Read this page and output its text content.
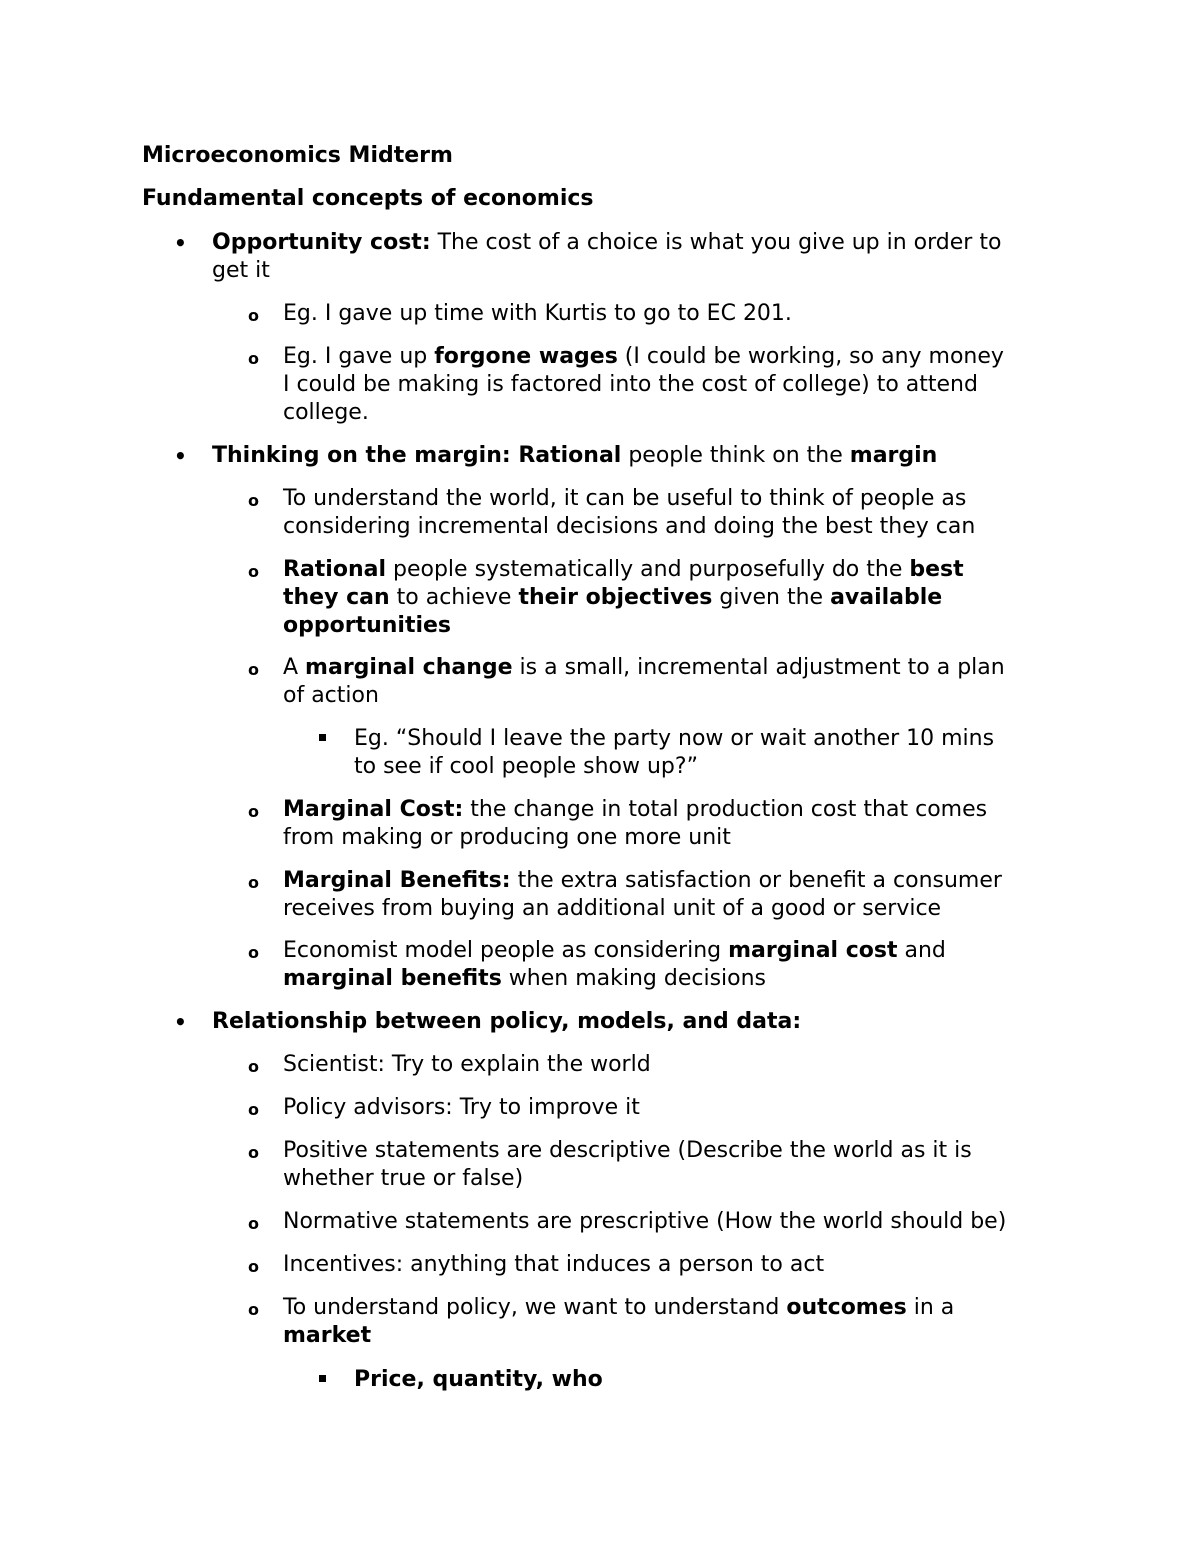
Microeconomics Midterm
Fundamental concepts of economics
• Opportunity cost: The cost of a choice is what you give up in order to
get it
o Eg. I gave up time with Kurtis to go to EC 201.
o Eg. I gave up forgone wages (I could be working, so any money
I could be making is factored into the cost of college) to attend
college.
• Thinking on the margin: Rational people think on the margin
o To understand the world, it can be useful to think of people as
considering incremental decisions and doing the best they can
o Rational people systematically and purposefully do the best
they can to achieve their objectives given the available
opportunities
o A marginal change is a small, incremental adjustment to a plan
of action
Eg. “Should I leave the party now or wait another 10 mins
to see if cool people show up?”
o Marginal Cost: the change in total production cost that comes
from making or producing one more unit
o Marginal Benefits: the extra satisfaction or benefit a consumer
receives from buying an additional unit of a good or service
o Economist model people as considering marginal cost and
marginal benefits when making decisions
• Relationship between policy, models, and data:
o Scientist: Try to explain the world
o Policy advisors: Try to improve it
o Positive statements are descriptive (Describe the world as it is
whether true or false)
o Normative statements are prescriptive (How the world should be)
o Incentives: anything that induces a person to act
o To understand policy, we want to understand outcomes in a
market
Price, quantity, who
